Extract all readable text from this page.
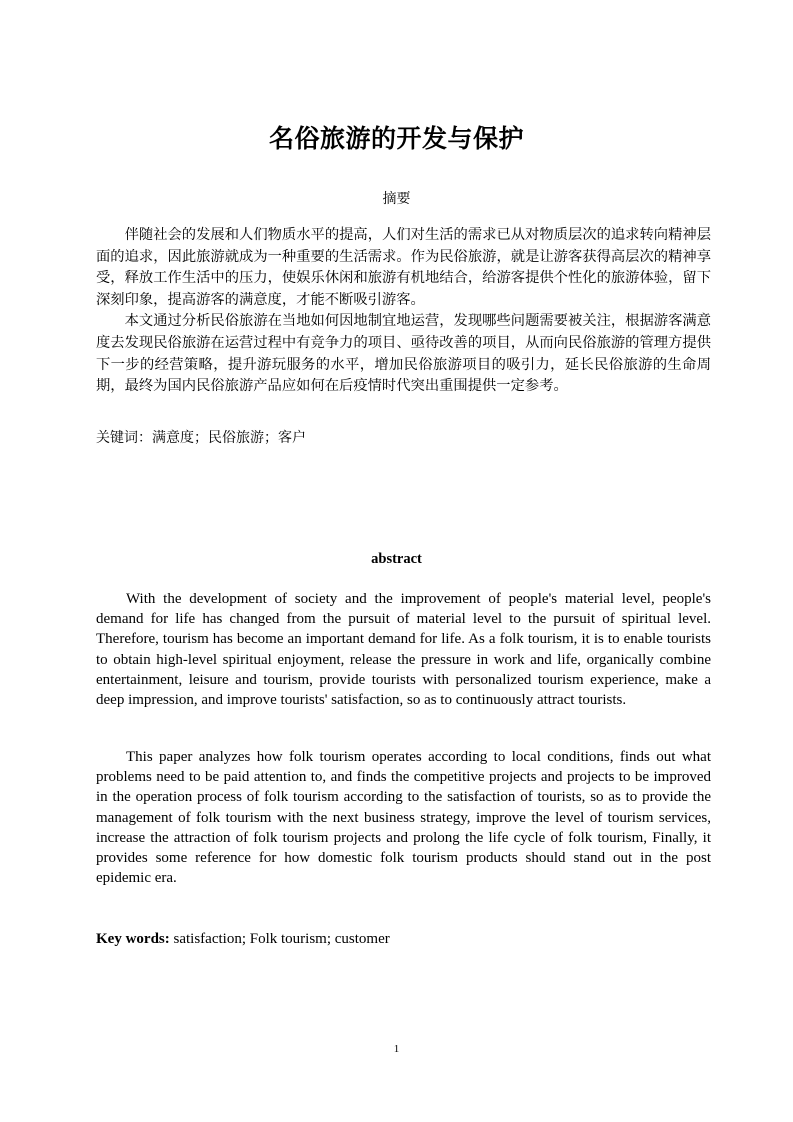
名俗旅游的开发与保护
摘要

伴随社会的发展和人们物质水平的提高，人们对生活的需求已从对物质层次的追求转向精神层面的追求，因此旅游就成为一种重要的生活需求。作为民俗旅游，就是让游客获得高层次的精神享受，释放工作生活中的压力，使娱乐休闲和旅游有机地结合，给游客提供个性化的旅游体验，留下深刻印象，提高游客的满意度，才能不断吸引游客。

本文通过分析民俗旅游在当地如何因地制宜地运营，发现哪些问题需要被关注，根据游客满意度去发现民俗旅游在运营过程中有竞争力的项目、亟待改善的项目，从而向民俗旅游的管理方提供下一步的经营策略，提升游玩服务的水平，增加民俗旅游项目的吸引力，延长民俗旅游的生命周期，最终为国内民俗旅游产品应如何在后疫情时代突出重围提供一定参考。

关键词：满意度；民俗旅游；客户
abstract

With the development of society and the improvement of people's material level, people's demand for life has changed from the pursuit of material level to the pursuit of spiritual level. Therefore, tourism has become an important demand for life. As a folk tourism, it is to enable tourists to obtain high-level spiritual enjoyment, release the pressure in work and life, organically combine entertainment, leisure and tourism, provide tourists with personalized tourism experience, make a deep impression, and improve tourists' satisfaction, so as to continuously attract tourists.

This paper analyzes how folk tourism operates according to local conditions, finds out what problems need to be paid attention to, and finds the competitive projects and projects to be improved in the operation process of folk tourism according to the satisfaction of tourists, so as to provide the management of folk tourism with the next business strategy, improve the level of tourism services, increase the attraction of folk tourism projects and prolong the life cycle of folk tourism, Finally, it provides some reference for how domestic folk tourism products should stand out in the post epidemic era.

Key words: satisfaction; Folk tourism; customer
1
